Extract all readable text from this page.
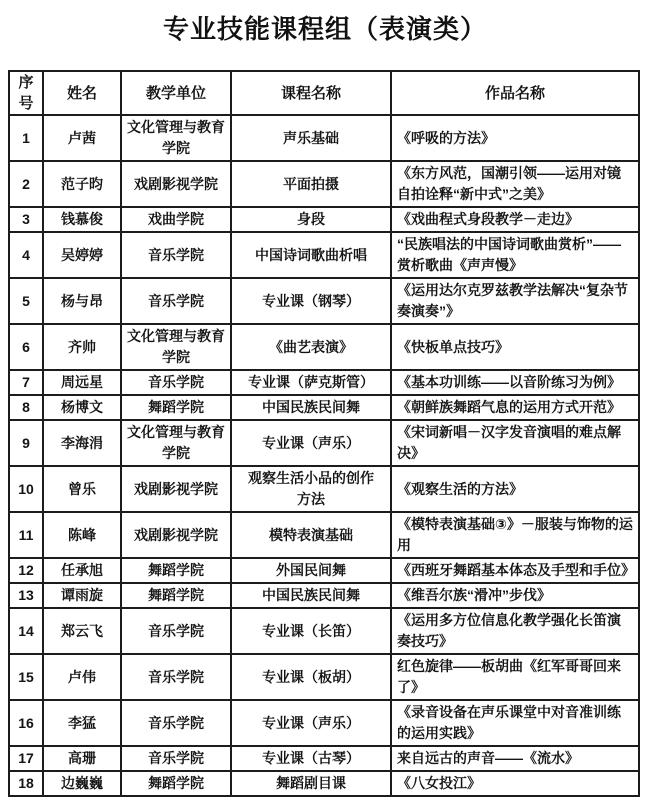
专业技能课程组（表演类）
序号	姓名	教学单位	课程名称	作品名称
1	卢茜	文化管理与教育学院	声乐基础	《呼吸的方法》
2	范子昀	戏剧影视学院	平面拍摄	《东方风范，国潮引领——运用对镜自拍诠释“新中式”之美》
3	钱慕俊	戏曲学院	身段	《戏曲程式身段教学－走边》
4	吴婷婷	音乐学院	中国诗词歌曲析唱	“民族唱法的中国诗词歌曲赏析”——赏析歌曲《声声慢》
5	杨与昂	音乐学院	专业课（钢琴）	《运用达尔克罗兹教学法解决“复杂节奏演奏”》
6	齐帅	文化管理与教育学院	《曲艺表演》	《快板单点技巧》
7	周远星	音乐学院	专业课（萨克斯管）	《基本功训练——以音阶练习为例》
8	杨博文	舞蹈学院	中国民族民间舞	《朝鲜族舞蹈气息的运用方式开范》
9	李海涓	文化管理与教育学院	专业课（声乐）	《宋词新唱－汉字发音演唱的难点解决》
10	曾乐	戏剧影视学院	观察生活小品的创作方法	《观察生活的方法》
11	陈峰	戏剧影视学院	模特表演基础	《模特表演基础③》－服装与饰物的运用
12	任承旭	舞蹈学院	外国民间舞	《西班牙舞蹈基本体态及手型和手位》
13	谭雨旋	舞蹈学院	中国民族民间舞	《维吾尔族“滑冲”步伐》
14	郑云飞	音乐学院	专业课（长笛）	《运用多方位信息化教学强化长笛演奏技巧》
15	卢伟	音乐学院	专业课（板胡）	红色旋律——板胡曲《红军哥哥回来了》
16	李猛	音乐学院	专业课（声乐）	《录音设备在声乐课堂中对音准训练的运用实践》
17	高珊	音乐学院	专业课（古琴）	来自远古的声音——《流水》
18	边巍巍	舞蹈学院	舞蹈剧目课	《八女投江》
